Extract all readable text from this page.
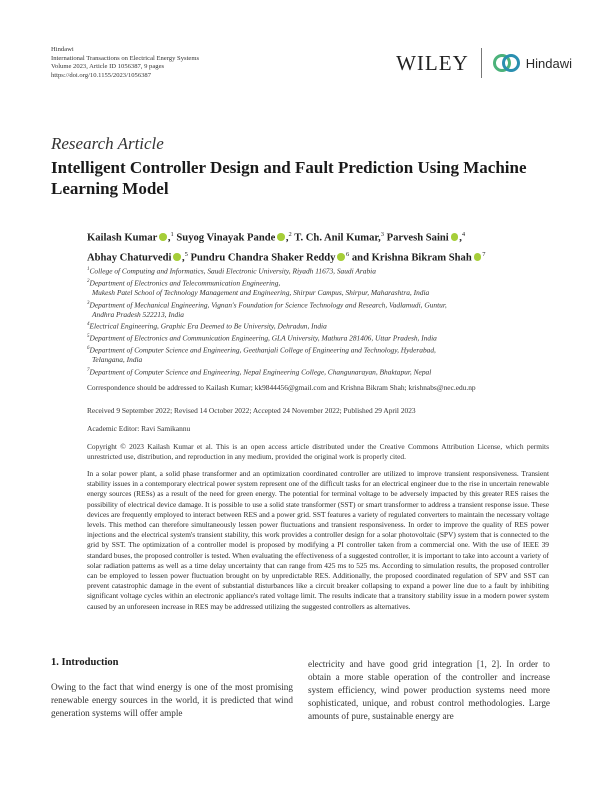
Hindawi
International Transactions on Electrical Energy Systems
Volume 2023, Article ID 1056387, 9 pages
https://doi.org/10.1155/2023/1056387
WILEY	Hindawi
Research Article
Intelligent Controller Design and Fault Prediction Using Machine Learning Model
Kailash Kumar ,$^1$ Suyog Vinayak Pande ,$^2$ T. Ch. Anil Kumar,$^3$ Parvesh Saini ,$^4$
Abhay Chaturvedi ,$^5$ Pundru Chandra Shaker Reddy $^6$ and Krishna Bikram Shah $^7$
$^1$College of Computing and Informatics, Saudi Electronic University, Riyadh 11673, Saudi Arabia
$^2$Department of Electronics and Telecommunication Engineering,
Mukesh Patel School of Technology Management and Engineering, Shirpur Campus, Shirpur, Maharashtra, India
$^3$Department of Mechanical Engineering, Vignan's Foundation for Science Technology and Research, Vadlamudi, Guntur,
Andhra Pradesh 522213, India
$^4$Electrical Engineering, Graphic Era Deemed to Be University, Dehradun, India
$^5$Department of Electronics and Communication Engineering, GLA University, Mathura 281406, Uttar Pradesh, India
$^6$Department of Computer Science and Engineering, Geethanjali College of Engineering and Technology, Hyderabad,
Telangana, India
$^7$Department of Computer Science and Engineering, Nepal Engineering College, Changunarayan, Bhaktapur, Nepal
Correspondence should be addressed to Kailash Kumar; kk9844456@gmail.com and Krishna Bikram Shah; krishnabs@nec.edu.np
Received 9 September 2022; Revised 14 October 2022; Accepted 24 November 2022; Published 29 April 2023
Academic Editor: Ravi Samikannu

Copyright © 2023 Kailash Kumar et al. This is an open access article distributed under the Creative Commons Attribution License, which permits unrestricted use, distribution, and reproduction in any medium, provided the original work is properly cited.

In a solar power plant, a solid phase transformer and an optimization coordinated controller are utilized to improve transient responsiveness. Transient stability issues in a contemporary electrical power system represent one of the difficult tasks for an electrical engineer due to the rise in uncertain renewable energy sources (RESs) as a result of the need for green energy. The potential for terminal voltage to be adversely impacted by this greater RES raises the possibility of electrical device damage. It is possible to use a solid state transformer (SST) or smart transformer to address a transient response issue. These devices are frequently employed to interact between RES and a power grid. SST features a variety of regulated converters to maintain the necessary voltage levels. This method can therefore simultaneously lessen power fluctuations and transient responsiveness. In order to improve the quality of RES power injections and the electrical system's transient stability, this work provides a controller design for a solar photovoltaic (SPV) system that is connected to the grid by SST. The optimization of a controller model is proposed by modifying a PI controller taken from a commercial one. With the use of IEEE 39 standard buses, the proposed controller is tested. When evaluating the effectiveness of a suggested controller, it is important to take into account a variety of solar radiation patterns as well as a time delay uncertainty that can range from 425 ms to 525 ms. According to simulation results, the proposed controller can be employed to lessen power fluctuation brought on by unpredictable RES. Additionally, the proposed coordinated regulation of SPV and SST can prevent catastrophic damage in the event of substantial disturbances like a circuit breaker collapsing to expand a power line due to a fault by inhibiting significant voltage cycles within an electronic appliance's rated voltage limit. The results indicate that a transitory stability issue in a modern power system caused by an unforeseen increase in RES may be addressed utilizing the suggested controllers as alternatives.

1. Introduction

Owing to the fact that wind energy is one of the most promising renewable energy sources in the world, it is predicted that wind generation systems will offer ample

electricity and have good grid integration [1, 2]. In order to obtain a more stable operation of the controller and increase system efficiency, wind power production systems need more sophisticated, unique, and robust control methodologies. Large amounts of pure, sustainable energy are
